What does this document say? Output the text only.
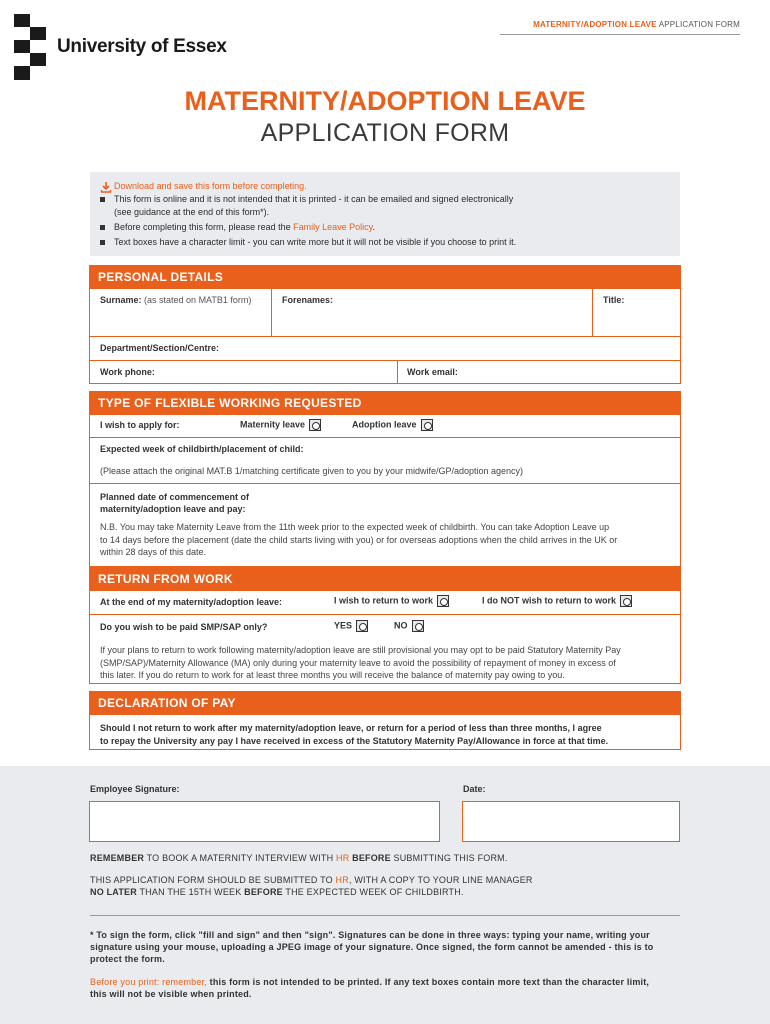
University of Essex
MATERNITY/ADOPTION LEAVE APPLICATION FORM
MATERNITY/ADOPTION LEAVE
APPLICATION FORM
Download and save this form before completing.
This form is online and it is not intended that it is printed - it can be emailed and signed electronically
(see guidance at the end of this form*).
Before completing this form, please read the Family Leave Policy.
Text boxes have a character limit - you can write more but it will not be visible if you choose to print it.
PERSONAL DETAILS
Surname: (as stated on MATB1 form)	Forenames:	Title:
Department/Section/Centre:
Work phone:	Work email:
TYPE OF FLEXIBLE WORKING REQUESTED
I wish to apply for:	Maternity leave	Adoption leave
Expected week of childbirth/placement of child:
(Please attach the original MAT.B 1/matching certificate given to you by your midwife/GP/adoption agency)
Planned date of commencement of
maternity/adoption leave and pay:
N.B. You may take Maternity Leave from the 11th week prior to the expected week of childbirth. You can take Adoption Leave up
to 14 days before the placement (date the child starts living with you) or for overseas adoptions when the child arrives in the UK or
within 28 days of this date.
RETURN FROM WORK
At the end of my maternity/adoption leave:	I wish to return to work	I do NOT wish to return to work
Do you wish to be paid SMP/SAP only?	YES	NO
If your plans to return to work following maternity/adoption leave are still provisional you may opt to be paid Statutory Maternity Pay
(SMP/SAP)/Maternity Allowance (MA) only during your maternity leave to avoid the possibility of repayment of money in excess of
this later. If you do return to work for at least three months you will receive the balance of maternity pay owing to you.
DECLARATION OF PAY
Should I not return to work after my maternity/adoption leave, or return for a period of less than three months, I agree
to repay the University any pay I have received in excess of the Statutory Maternity Pay/Allowance in force at that time.
Employee Signature:	Date:
REMEMBER TO BOOK A MATERNITY INTERVIEW WITH HR BEFORE SUBMITTING THIS FORM.
THIS APPLICATION FORM SHOULD BE SUBMITTED TO HR, WITH A COPY TO YOUR LINE MANAGER
NO LATER THAN THE 15TH WEEK BEFORE THE EXPECTED WEEK OF CHILDBIRTH.
* To sign the form, click "fill and sign" and then "sign". Signatures can be done in three ways: typing your name, writing your
signature using your mouse, uploading a JPEG image of your signature. Once signed, the form cannot be amended - this is to
protect the form.
Before you print: remember, this form is not intended to be printed. If any text boxes contain more text than the character limit,
this will not be visible when printed.
